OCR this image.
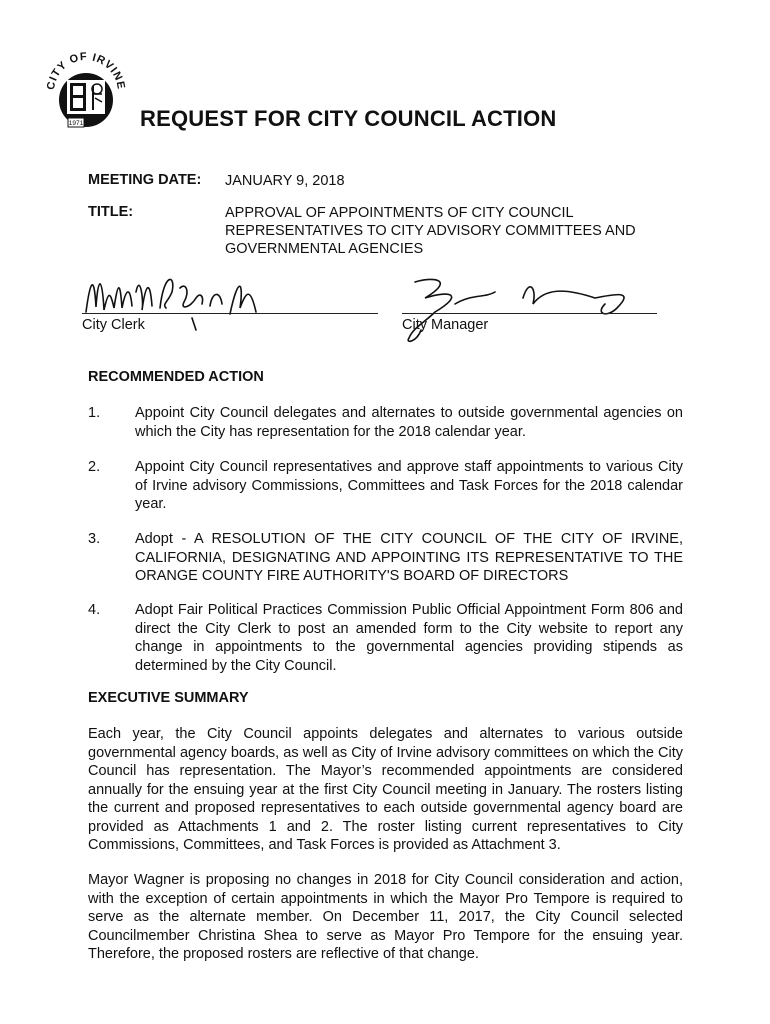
CITY OF IRVINE
1971	REQUEST FOR CITY COUNCIL ACTION
MEETING DATE: JANUARY 9, 2018
TITLE:	APPROVAL OF APPOINTMENTS OF CITY COUNCIL
REPRESENTATIVES TO CITY ADVISORY COMMITTEES AND
GOVERNMENTAL AGENCIES
City Clerk	City Manager
RECOMMENDED ACTION
1. Appoint City Council delegates and alternates to outside governmental agencies on which the City has representation for the 2018 calendar year.
2. Appoint City Council representatives and approve staff appointments to various City of Irvine advisory Commissions, Committees and Task Forces for the 2018 calendar year.
3. Adopt - A RESOLUTION OF THE CITY COUNCIL OF THE CITY OF IRVINE, CALIFORNIA, DESIGNATING AND APPOINTING ITS REPRESENTATIVE TO THE ORANGE COUNTY FIRE AUTHORITY'S BOARD OF DIRECTORS
4. Adopt Fair Political Practices Commission Public Official Appointment Form 806 and direct the City Clerk to post an amended form to the City website to report any change in appointments to the governmental agencies providing stipends as determined by the City Council.
EXECUTIVE SUMMARY
Each year, the City Council appoints delegates and alternates to various outside governmental agency boards, as well as City of Irvine advisory committees on which the City Council has representation. The Mayor’s recommended appointments are considered annually for the ensuing year at the first City Council meeting in January. The rosters listing the current and proposed representatives to each outside governmental agency board are provided as Attachments 1 and 2. The roster listing current representatives to City Commissions, Committees, and Task Forces is provided as Attachment 3.
Mayor Wagner is proposing no changes in 2018 for City Council consideration and action, with the exception of certain appointments in which the Mayor Pro Tempore is required to serve as the alternate member. On December 11, 2017, the City Council selected Councilmember Christina Shea to serve as Mayor Pro Tempore for the ensuing year. Therefore, the proposed rosters are reflective of that change.
